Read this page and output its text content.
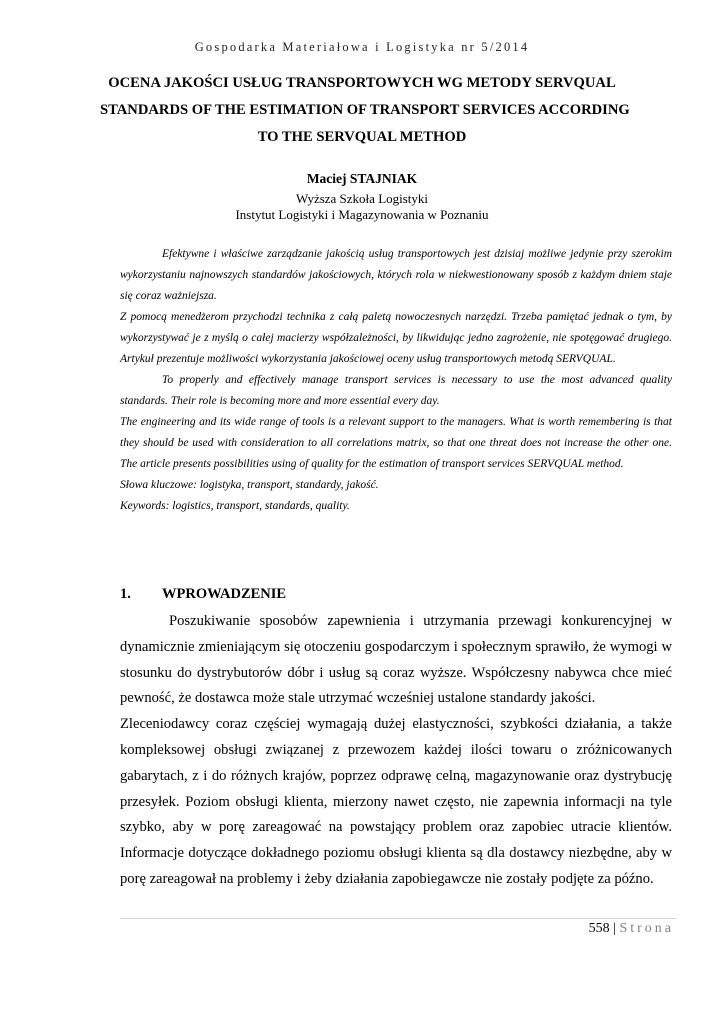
Gospodarka Materiałowa i Logistyka nr 5/2014
OCENA JAKOŚCI USŁUG TRANSPORTOWYCH WG METODY SERVQUAL
STANDARDS OF THE ESTIMATION OF TRANSPORT SERVICES ACCORDING
TO THE SERVQUAL METHOD
Maciej STAJNIAK
Wyższa Szkoła Logistyki
Instytut Logistyki i Magazynowania w Poznaniu

Efektywne i właściwe zarządzanie jakością usług transportowych jest dzisiaj możliwe jedynie przy szerokim wykorzystaniu najnowszych standardów jakościowych, których rola w niekwestionowany sposób z każdym dniem staje się coraz ważniejsza.

Z pomocą menedżerom przychodzi technika z całą paletą nowoczesnych narzędzi. Trzeba pamiętać jednak o tym, by wykorzystywać je z myślą o całej macierzy współzależności, by likwidując jedno zagrożenie, nie spotęgować drugiego. Artykuł prezentuje możliwości wykorzystania jakościowej oceny usług transportowych metodą SERVQUAL.

To properly and effectively manage transport services is necessary to use the most advanced quality standards. Their role is becoming more and more essential every day.

The engineering and its wide range of tools is a relevant support to the managers. What is worth remembering is that they should be used with consideration to all correlations matrix, so that one threat does not increase the other one. The article presents possibilities using of quality for the estimation of transport services SERVQUAL method.

Słowa kluczowe: logistyka, transport, standardy, jakość.

Keywords: logistics, transport, standards, quality.

1. WPROWADZENIE

Poszukiwanie sposobów zapewnienia i utrzymania przewagi konkurencyjnej w dynamicznie zmieniającym się otoczeniu gospodarczym i społecznym sprawiło, że wymogi w stosunku do dystrybutorów dóbr i usług są coraz wyższe. Współczesny nabywca chce mieć pewność, że dostawca może stale utrzymać wcześniej ustalone standardy jakości.

Zleceniodawcy coraz częściej wymagają dużej elastyczności, szybkości działania, a także kompleksowej obsługi związanej z przewozem każdej ilości towaru o zróżnicowanych gabarytach, z i do różnych krajów, poprzez odprawę celną, magazynowanie oraz dystrybucję przesyłek. Poziom obsługi klienta, mierzony nawet często, nie zapewnia informacji na tyle szybko, aby w porę zareagować na powstający problem oraz zapobiec utracie klientów. Informacje dotyczące dokładnego poziomu obsługi klienta są dla dostawcy niezbędne, aby w porę zareagował na problemy i żeby działania zapobiegawcze nie zostały podjęte za późno.

558 | Strona
